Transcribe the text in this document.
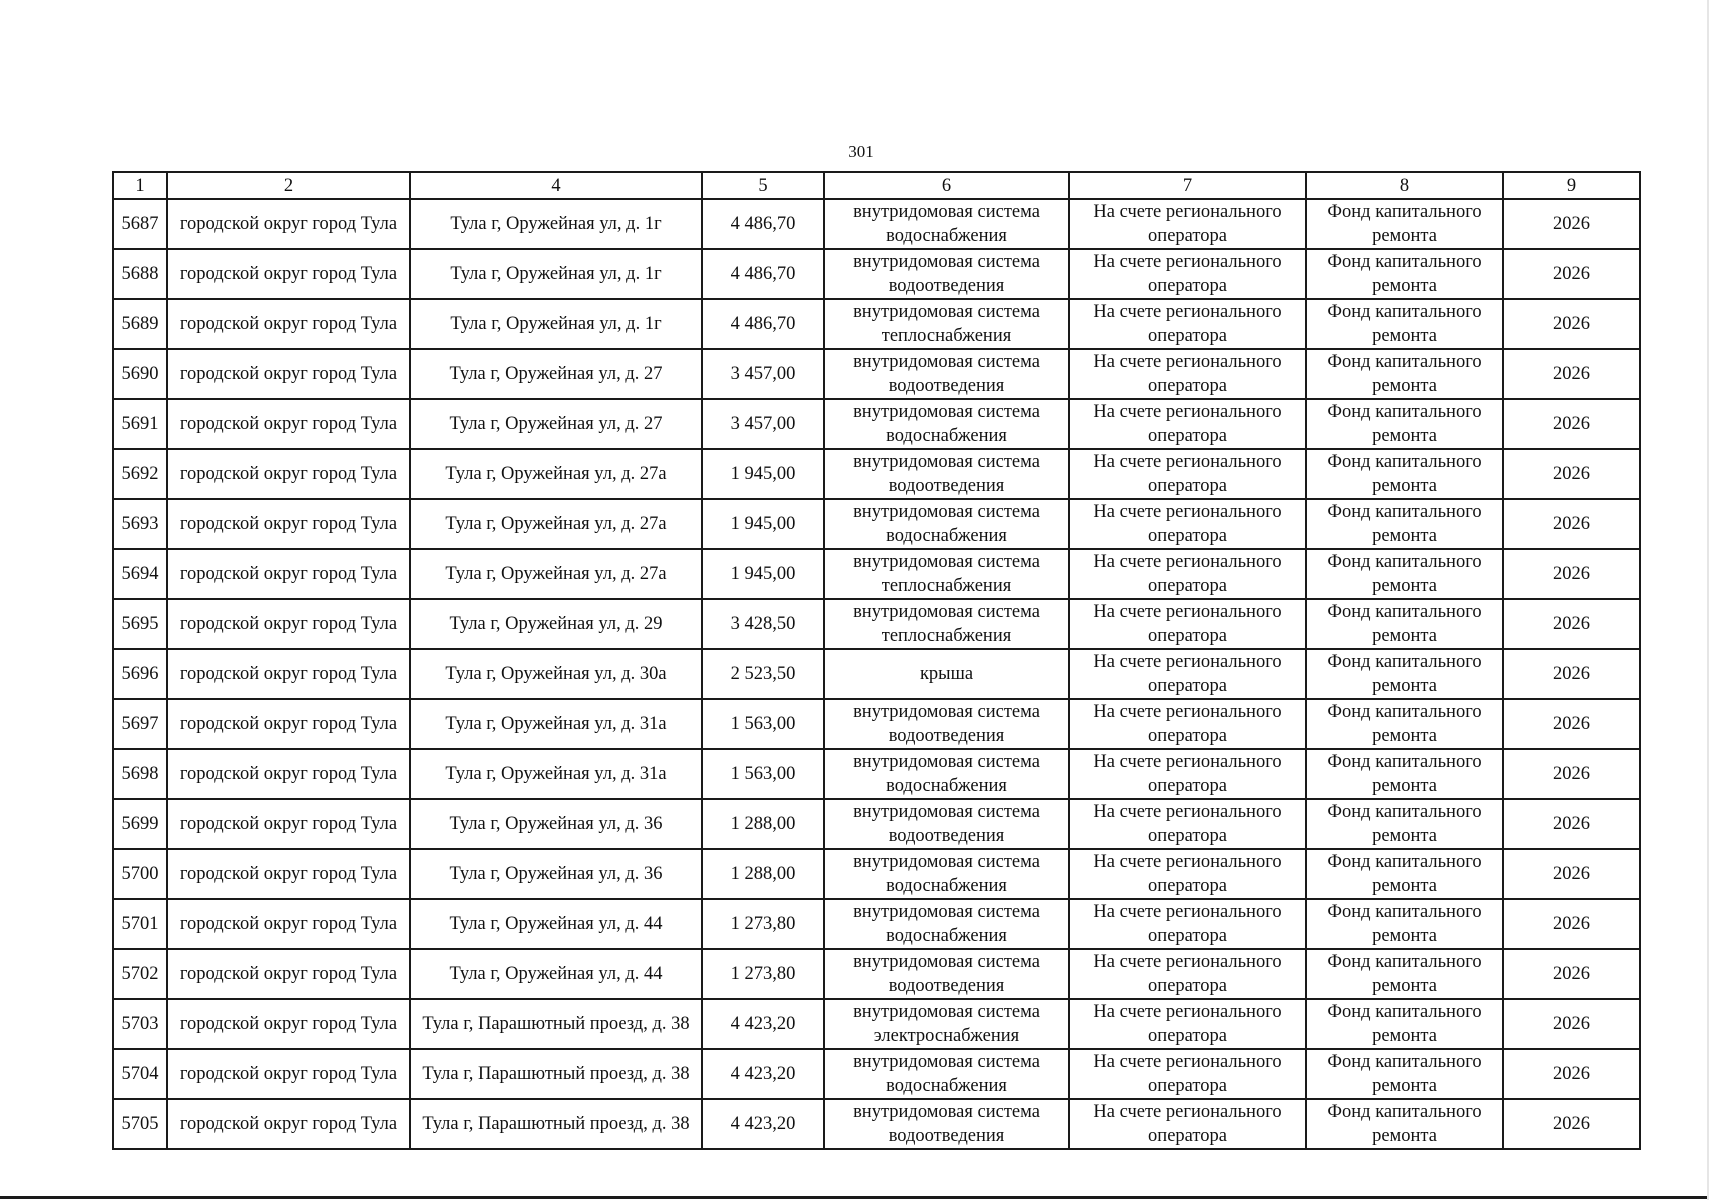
301
1	2	4	5	6	7	8	9
5687	городской округ город Тула	Тула г, Оружейная ул, д. 1г	4 486,70	внутридомовая система водоснабжения	На счете регионального оператора	Фонд капитального ремонта	2026
5688	городской округ город Тула	Тула г, Оружейная ул, д. 1г	4 486,70	внутридомовая система водоотведения	На счете регионального оператора	Фонд капитального ремонта	2026
5689	городской округ город Тула	Тула г, Оружейная ул, д. 1г	4 486,70	внутридомовая система теплоснабжения	На счете регионального оператора	Фонд капитального ремонта	2026
5690	городской округ город Тула	Тула г, Оружейная ул, д. 27	3 457,00	внутридомовая система водоотведения	На счете регионального оператора	Фонд капитального ремонта	2026
5691	городской округ город Тула	Тула г, Оружейная ул, д. 27	3 457,00	внутридомовая система водоснабжения	На счете регионального оператора	Фонд капитального ремонта	2026
5692	городской округ город Тула	Тула г, Оружейная ул, д. 27а	1 945,00	внутридомовая система водоотведения	На счете регионального оператора	Фонд капитального ремонта	2026
5693	городской округ город Тула	Тула г, Оружейная ул, д. 27а	1 945,00	внутридомовая система водоснабжения	На счете регионального оператора	Фонд капитального ремонта	2026
5694	городской округ город Тула	Тула г, Оружейная ул, д. 27а	1 945,00	внутридомовая система теплоснабжения	На счете регионального оператора	Фонд капитального ремонта	2026
5695	городской округ город Тула	Тула г, Оружейная ул, д. 29	3 428,50	внутридомовая система теплоснабжения	На счете регионального оператора	Фонд капитального ремонта	2026
5696	городской округ город Тула	Тула г, Оружейная ул, д. 30а	2 523,50	крыша	На счете регионального оператора	Фонд капитального ремонта	2026
5697	городской округ город Тула	Тула г, Оружейная ул, д. 31а	1 563,00	внутридомовая система водоотведения	На счете регионального оператора	Фонд капитального ремонта	2026
5698	городской округ город Тула	Тула г, Оружейная ул, д. 31а	1 563,00	внутридомовая система водоснабжения	На счете регионального оператора	Фонд капитального ремонта	2026
5699	городской округ город Тула	Тула г, Оружейная ул, д. 36	1 288,00	внутридомовая система водоотведения	На счете регионального оператора	Фонд капитального ремонта	2026
5700	городской округ город Тула	Тула г, Оружейная ул, д. 36	1 288,00	внутридомовая система водоснабжения	На счете регионального оператора	Фонд капитального ремонта	2026
5701	городской округ город Тула	Тула г, Оружейная ул, д. 44	1 273,80	внутридомовая система водоснабжения	На счете регионального оператора	Фонд капитального ремонта	2026
5702	городской округ город Тула	Тула г, Оружейная ул, д. 44	1 273,80	внутридомовая система водоотведения	На счете регионального оператора	Фонд капитального ремонта	2026
5703	городской округ город Тула	Тула г, Парашютный проезд, д. 38	4 423,20	внутридомовая система электроснабжения	На счете регионального оператора	Фонд капитального ремонта	2026
5704	городской округ город Тула	Тула г, Парашютный проезд, д. 38	4 423,20	внутридомовая система водоснабжения	На счете регионального оператора	Фонд капитального ремонта	2026
5705	городской округ город Тула	Тула г, Парашютный проезд, д. 38	4 423,20	внутридомовая система водоотведения	На счете регионального оператора	Фонд капитального ремонта	2026
